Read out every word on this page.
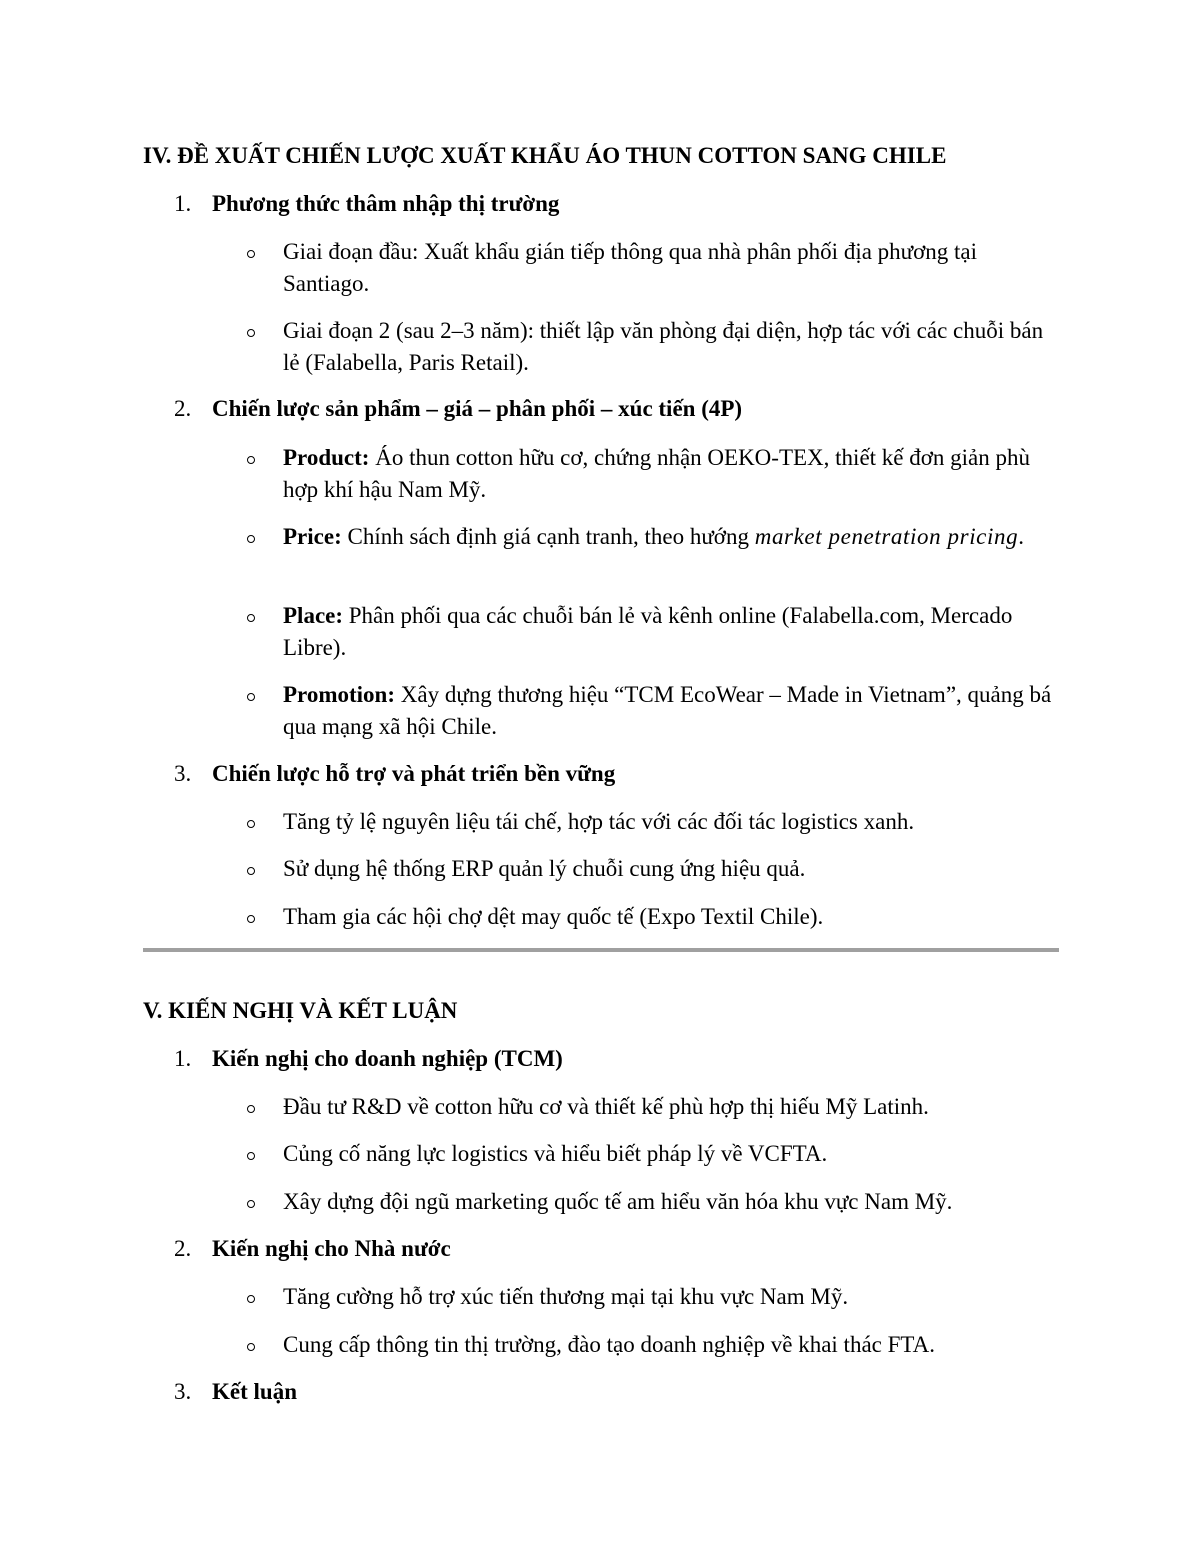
IV. ĐỀ XUẤT CHIẾN LƯỢC XUẤT KHẨU ÁO THUN COTTON SANG CHILE
1. Phương thức thâm nhập thị trường

Giai đoạn đầu: Xuất khẩu gián tiếp thông qua nhà phân phối địa phương tại Santiago.

Giai đoạn 2 (sau 2–3 năm): thiết lập văn phòng đại diện, hợp tác với các chuỗi bán lẻ (Falabella, Paris Retail).

2. Chiến lược sản phẩm – giá – phân phối – xúc tiến (4P)

Product: Áo thun cotton hữu cơ, chứng nhận OEKO-TEX, thiết kế đơn giản phù hợp khí hậu Nam Mỹ.

Price: Chính sách định giá cạnh tranh, theo hướng market penetration pricing.

Place: Phân phối qua các chuỗi bán lẻ và kênh online (Falabella.com, Mercado Libre).

Promotion: Xây dựng thương hiệu “TCM EcoWear – Made in Vietnam”, quảng bá qua mạng xã hội Chile.

3. Chiến lược hỗ trợ và phát triển bền vững

Tăng tỷ lệ nguyên liệu tái chế, hợp tác với các đối tác logistics xanh.

Sử dụng hệ thống ERP quản lý chuỗi cung ứng hiệu quả.

Tham gia các hội chợ dệt may quốc tế (Expo Textil Chile).

V. KIẾN NGHỊ VÀ KẾT LUẬN
1. Kiến nghị cho doanh nghiệp (TCM)

Đầu tư R&D về cotton hữu cơ và thiết kế phù hợp thị hiếu Mỹ Latinh.

Củng cố năng lực logistics và hiểu biết pháp lý về VCFTA.

Xây dựng đội ngũ marketing quốc tế am hiểu văn hóa khu vực Nam Mỹ.

2. Kiến nghị cho Nhà nước

Tăng cường hỗ trợ xúc tiến thương mại tại khu vực Nam Mỹ.

Cung cấp thông tin thị trường, đào tạo doanh nghiệp về khai thác FTA.

3. Kết luận
